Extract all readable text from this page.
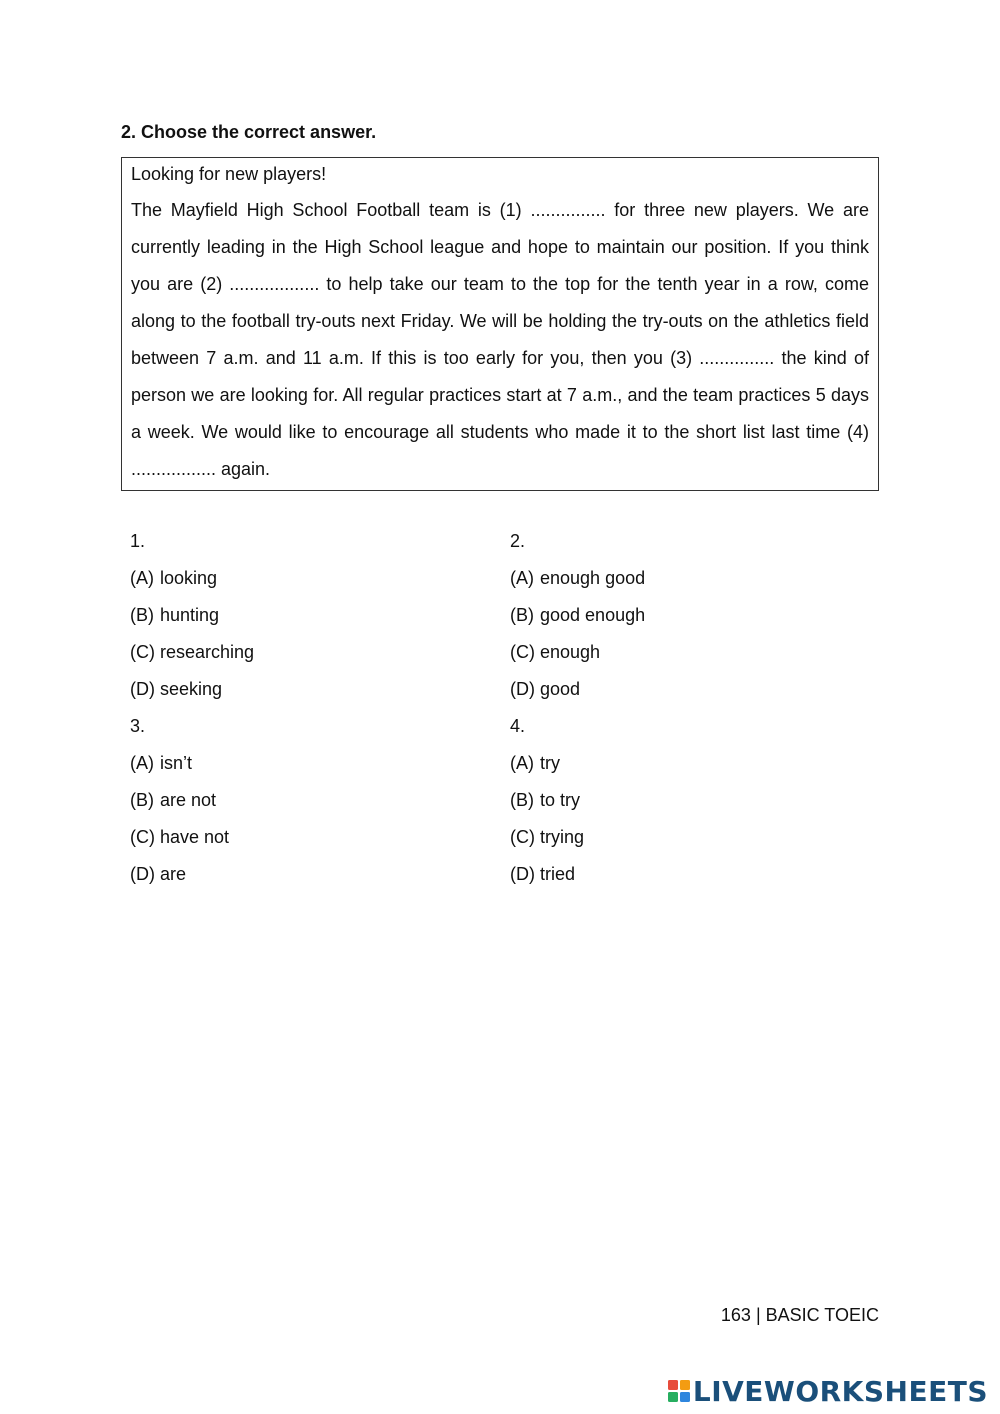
2. Choose the correct answer.
Looking for new players!
The Mayfield High School Football team is (1) ............... for three new players. We are currently leading in the High School league and hope to maintain our position. If you think you are (2) .................. to help take our team to the top for the tenth year in a row, come along to the football try-outs next Friday. We will be holding the try-outs on the athletics field between 7 a.m. and 11 a.m. If this is too early for you, then you (3) ............... the kind of person we are looking for. All regular practices start at 7 a.m., and the team practices 5 days a week. We would like to encourage all students who made it to the short list last time (4) ................. again.
1.
(A) looking
(B) hunting
(C) researching
(D) seeking
3.
(A) isn’t
(B) are not
(C) have not
(D) are
2.
(A) enough good
(B) good enough
(C) enough
(D) good
4.
(A) try
(B) to try
(C) trying
(D) tried
163 | BASIC TOEIC
LIVEWORKSHEETS
